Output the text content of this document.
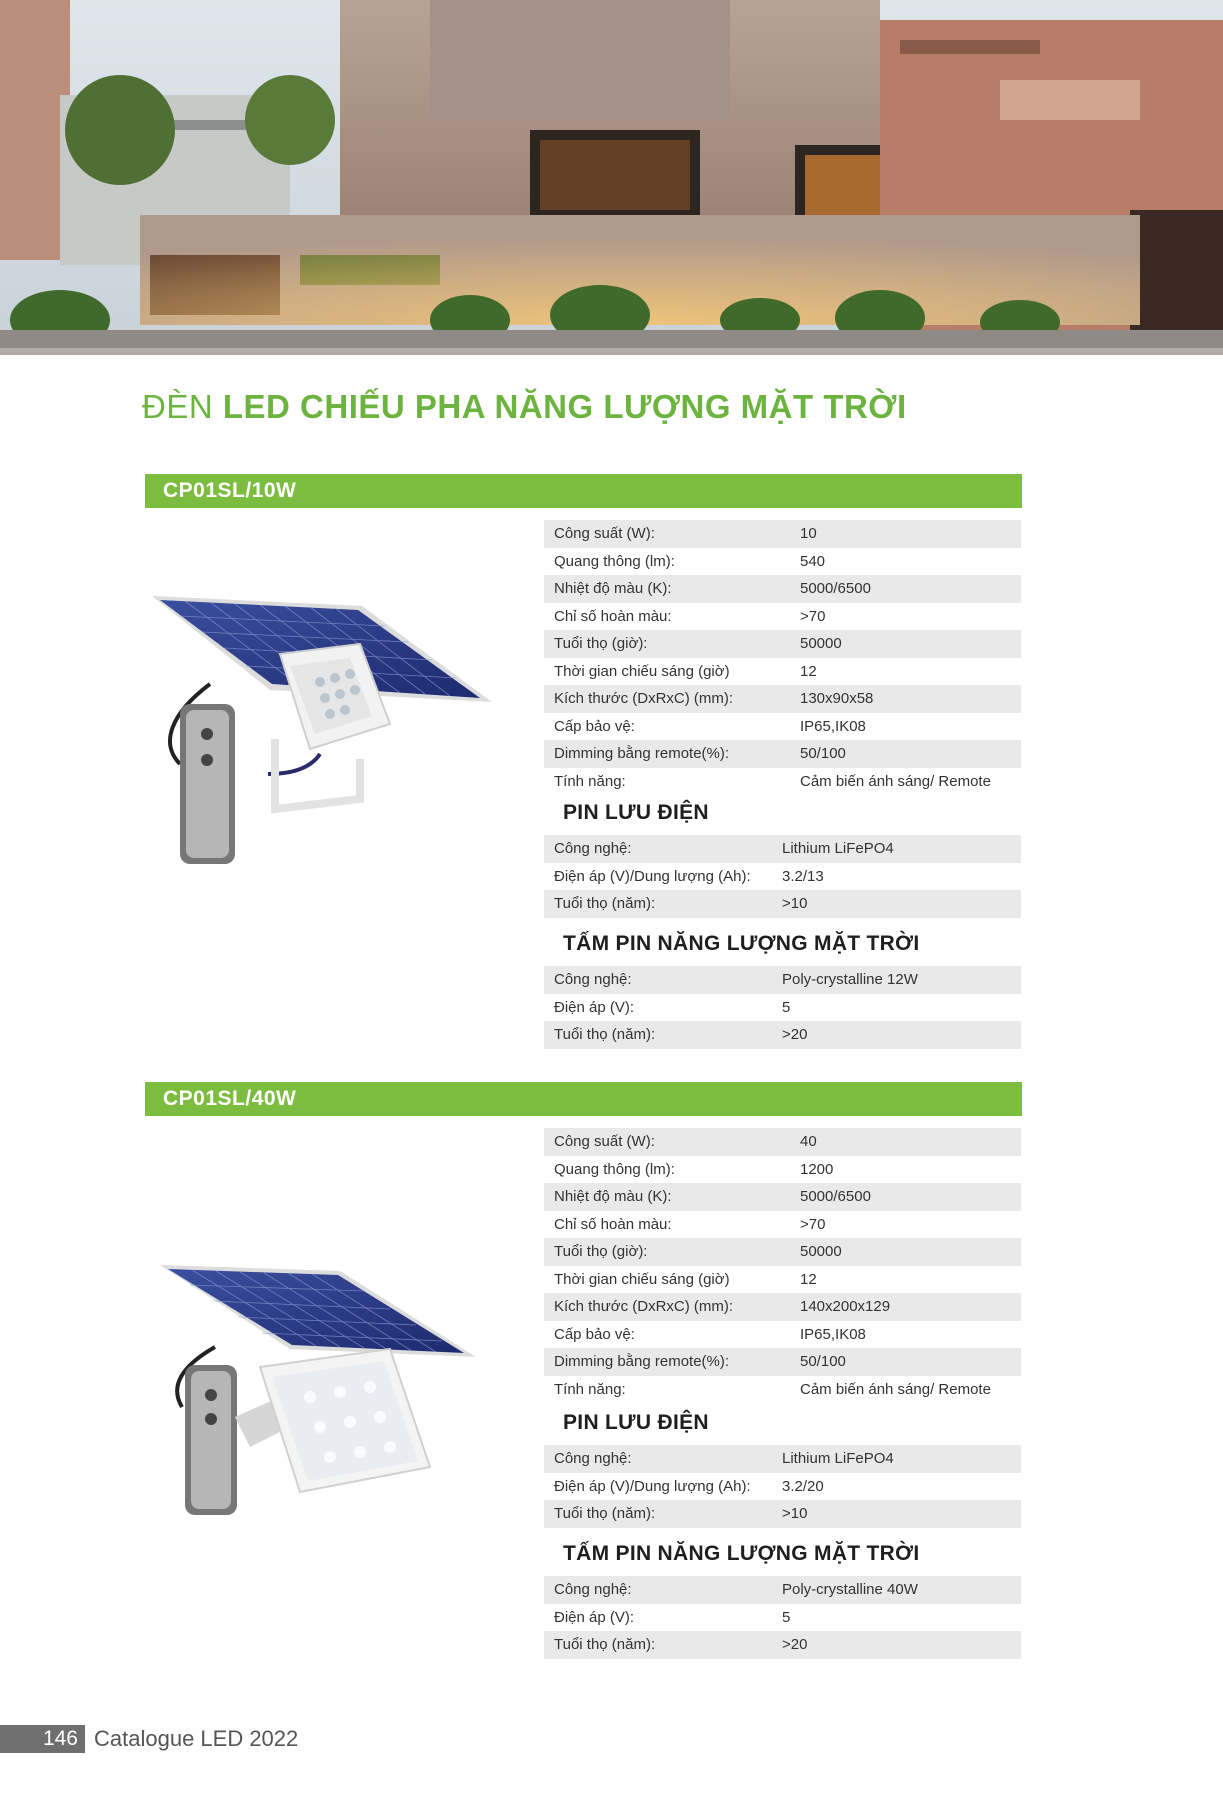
ĐÈN LED CHIẾU PHA NĂNG LƯỢNG MẶT TRỜI
CP01SL/10W
Công suất (W):	10
Quang thông (lm):	540
Nhiệt độ màu (K):	5000/6500
Chỉ số hoàn màu:	>70
Tuổi thọ (giờ):	50000
Thời gian chiếu sáng (giờ)	12
Kích thước (DxRxC) (mm):	130x90x58
Cấp bảo vệ:	IP65,IK08
Dimming bằng remote(%):	50/100
Tính năng:	Cảm biến ánh sáng/ Remote
PIN LƯU ĐIỆN
Công nghệ:	Lithium LiFePO4
Điện áp (V)/Dung lượng (Ah): 3.2/13
Tuổi thọ (năm):	>10
TẤM PIN NĂNG LƯỢNG MẶT TRỜI
Công nghệ:	Poly-crystalline 12W
Điện áp (V):	5
Tuổi thọ (năm):	>20
CP01SL/40W
Công suất (W):	40
Quang thông (lm):	1200
Nhiệt độ màu (K):	5000/6500
Chỉ số hoàn màu:	>70
Tuổi thọ (giờ):	50000
Thời gian chiếu sáng (giờ)	12
Kích thước (DxRxC) (mm):	140x200x129
Cấp bảo vệ:	IP65,IK08
Dimming bằng remote(%):	50/100
Tính năng:	Cảm biến ánh sáng/ Remote
PIN LƯU ĐIỆN
Công nghệ:	Lithium LiFePO4
Điện áp (V)/Dung lượng (Ah): 3.2/20
Tuổi thọ (năm):	>10
TẤM PIN NĂNG LƯỢNG MẶT TRỜI
Công nghệ:	Poly-crystalline 40W
Điện áp (V):	5
Tuổi thọ (năm):	>20
146 Catalogue LED 2022
